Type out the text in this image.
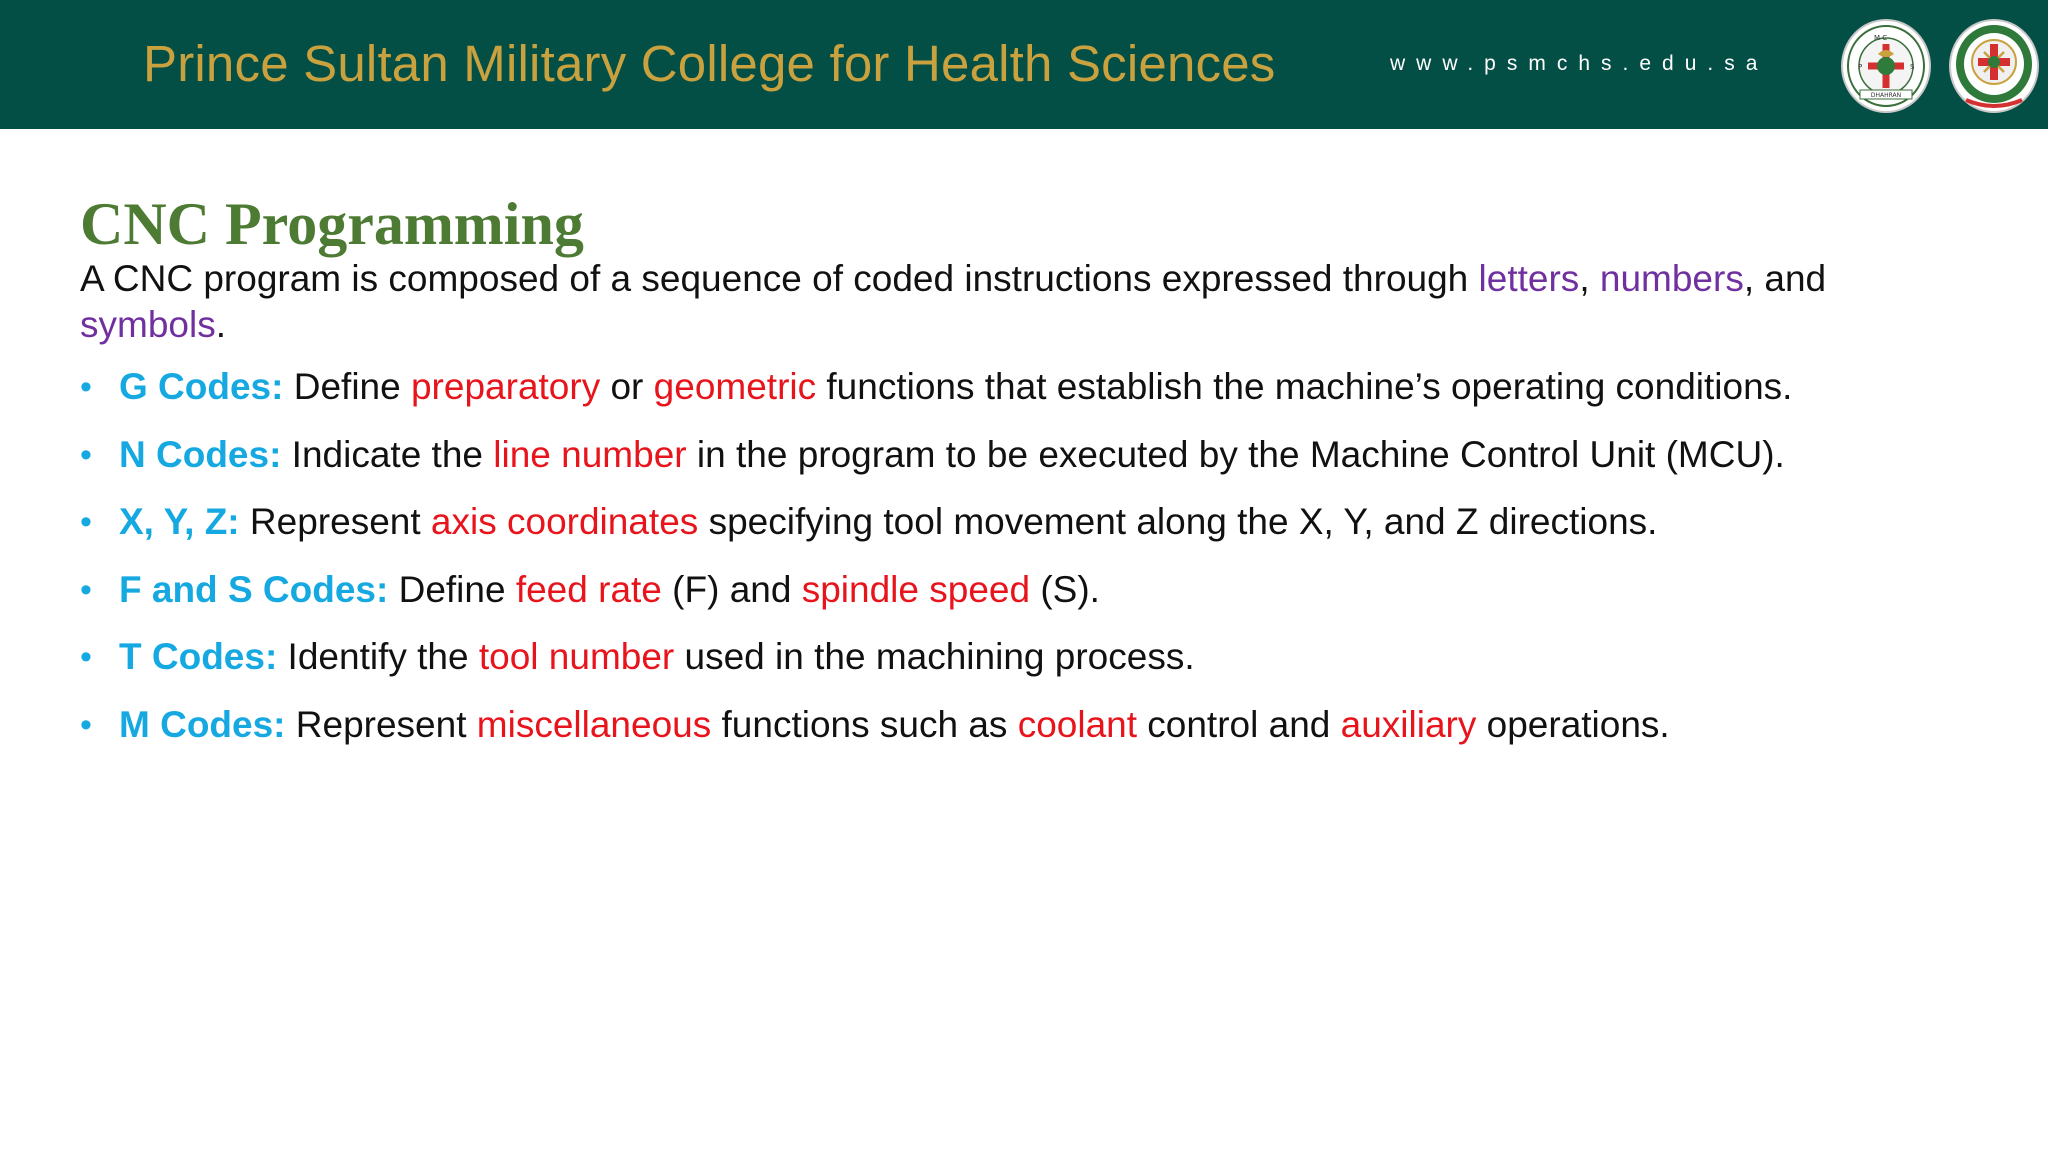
Prince Sultan Military College for Health Sciences	www.psmchs.edu.sa
DHAHRAN
P	S
M C
CNC Programming

A CNC program is composed of a sequence of coded instructions expressed through letters, numbers, and symbols.

• G Codes: Define preparatory or geometric functions that establish the machine’s operating conditions.
• N Codes: Indicate the line number in the program to be executed by the Machine Control Unit (MCU).
• X, Y, Z: Represent axis coordinates specifying tool movement along the X, Y, and Z directions.
• F and S Codes: Define feed rate (F) and spindle speed (S).
• T Codes: Identify the tool number used in the machining process.
• M Codes: Represent miscellaneous functions such as coolant control and auxiliary operations.
